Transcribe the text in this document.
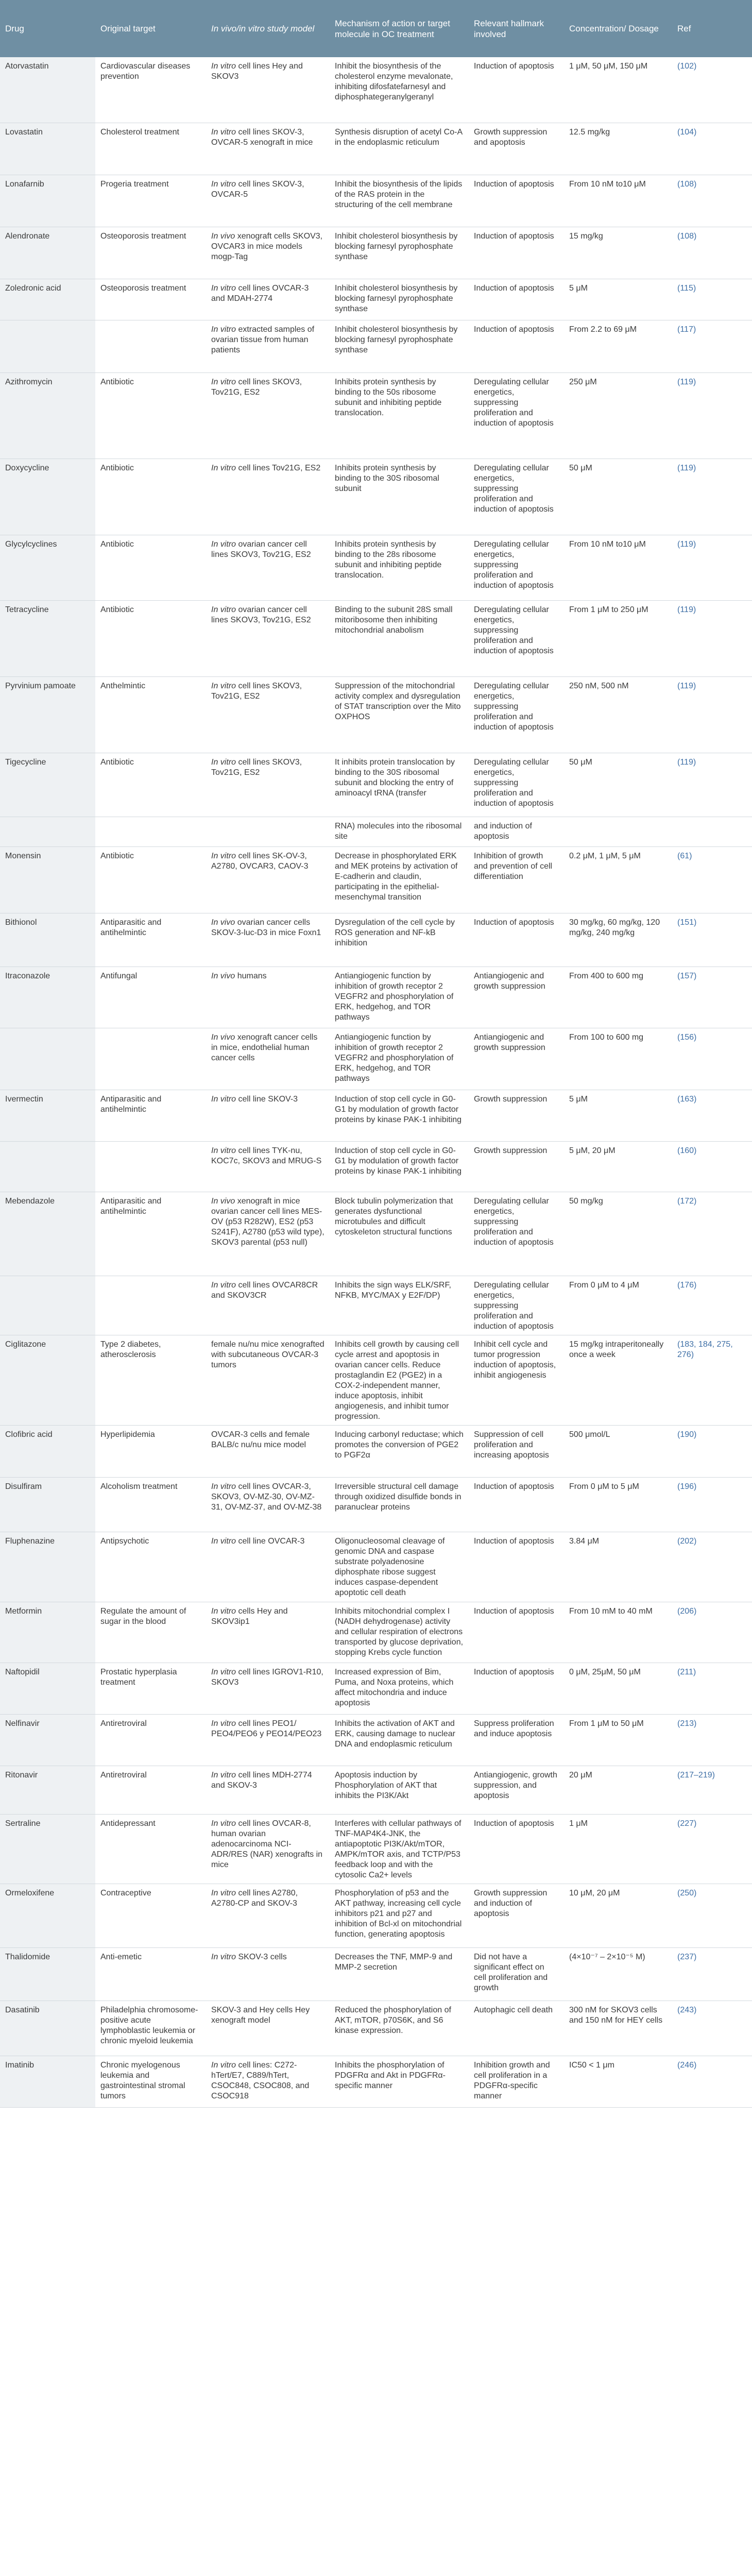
Drug	Original target	In vivo/in vitro study model	Mechanism of action or target molecule in OC treatment	Relevant hallmark involved	Concentration/ Dosage	Ref
Atorvastatin	Cardiovascular diseases prevention	In vitro cell lines Hey and SKOV3	Inhibit the biosynthesis of the cholesterol enzyme mevalonate, inhibiting difosfatefarnesyl and diphosphategeranylgeranyl	Induction of apoptosis	1 μM, 50 μM, 150 μM	(102)
Lovastatin	Cholesterol treatment	In vitro cell lines SKOV-3, OVCAR-5 xenograft in mice	Synthesis disruption of acetyl Co-A in the endoplasmic reticulum	Growth suppression and apoptosis	12.5 mg/kg	(104)
Lonafarnib	Progeria treatment	In vitro cell lines SKOV-3, OVCAR-5	Inhibit the biosynthesis of the lipids of the RAS protein in the structuring of the cell membrane	Induction of apoptosis	From 10 nM to10 μM	(108)
Alendronate	Osteoporosis treatment	In vivo xenograft cells SKOV3, OVCAR3 in mice models mogp-Tag	Inhibit cholesterol biosynthesis by blocking farnesyl pyrophosphate synthase	Induction of apoptosis	15 mg/kg	(108)
Zoledronic acid	Osteoporosis treatment	In vitro cell lines OVCAR-3 and MDAH-2774	Inhibit cholesterol biosynthesis by blocking farnesyl pyrophosphate synthase	Induction of apoptosis	5 μM	(115)
		In vitro extracted samples of ovarian tissue from human patients	Inhibit cholesterol biosynthesis by blocking farnesyl pyrophosphate synthase	Induction of apoptosis	From 2.2 to 69 μM	(117)
Azithromycin	Antibiotic	In vitro cell lines SKOV3, Tov21G, ES2	Inhibits protein synthesis by binding to the 50s ribosome subunit and inhibiting peptide translocation.	Deregulating cellular energetics, suppressing proliferation and induction of apoptosis	250 μM	(119)
Doxycycline	Antibiotic	In vitro cell lines Tov21G, ES2	Inhibits protein synthesis by binding to the 30S ribosomal subunit	Deregulating cellular energetics, suppressing proliferation and induction of apoptosis	50 μM	(119)
Glycylcyclines	Antibiotic	In vitro ovarian cancer cell lines SKOV3, Tov21G, ES2	Inhibits protein synthesis by binding to the 28s ribosome subunit and inhibiting peptide translocation.	Deregulating cellular energetics, suppressing proliferation and induction of apoptosis	From 10 nM to10 μM	(119)
Tetracycline	Antibiotic	In vitro ovarian cancer cell lines SKOV3, Tov21G, ES2	Binding to the subunit 28S small mitoribosome then inhibiting mitochondrial anabolism	Deregulating cellular energetics, suppressing proliferation and induction of apoptosis	From 1 μM to 250 μM	(119)
Pyrvinium pamoate	Anthelmintic	In vitro cell lines SKOV3, Tov21G, ES2	Suppression of the mitochondrial activity complex and dysregulation of STAT transcription over the Mito OXPHOS	Deregulating cellular energetics, suppressing proliferation and induction of apoptosis	250 nM, 500 nM	(119)
Tigecycline	Antibiotic	In vitro cell lines SKOV3, Tov21G, ES2	It inhibits protein translocation by binding to the 30S ribosomal subunit and blocking the entry of aminoacyl tRNA (transfer	Deregulating cellular energetics, suppressing proliferation and induction of apoptosis	50 μM	(119)
			RNA) molecules into the ribosomal site	and induction of apoptosis		
Monensin	Antibiotic	In vitro cell lines SK-OV-3, A2780, OVCAR3, CAOV-3	Decrease in phosphorylated ERK and MEK proteins by activation of E-cadherin and claudin, participating in the epithelial-mesenchymal transition	Inhibition of growth and prevention of cell differentiation	0.2 μM, 1 μM, 5 μM	(61)
Bithionol	Antiparasitic and antihelmintic	In vivo ovarian cancer cells SKOV-3-luc-D3 in mice Foxn1	Dysregulation of the cell cycle by ROS generation and NF-kB inhibition	Induction of apoptosis	30 mg/kg, 60 mg/kg, 120 mg/kg, 240 mg/kg	(151)
Itraconazole	Antifungal	In vivo humans	Antiangiogenic function by inhibition of growth receptor 2 VEGFR2 and phosphorylation of ERK, hedgehog, and TOR pathways	Antiangiogenic and growth suppression	From 400 to 600 mg	(157)
		In vivo xenograft cancer cells in mice, endothelial human cancer cells	Antiangiogenic function by inhibition of growth receptor 2 VEGFR2 and phosphorylation of ERK, hedgehog, and TOR pathways	Antiangiogenic and growth suppression	From 100 to 600 mg	(156)
Ivermectin	Antiparasitic and antihelmintic	In vitro cell line SKOV-3	Induction of stop cell cycle in G0-G1 by modulation of growth factor proteins by kinase PAK-1 inhibiting	Growth suppression	5 μM	(163)
		In vitro cell lines TYK-nu, KOC7c, SKOV3 and MRUG-S	Induction of stop cell cycle in G0-G1 by modulation of growth factor proteins by kinase PAK-1 inhibiting	Growth suppression	5 μM, 20 μM	(160)
Mebendazole	Antiparasitic and antihelmintic	In vivo xenograft in mice ovarian cancer cell lines MES-OV (p53 R282W), ES2 (p53 S241F), A2780 (p53 wild type), SKOV3 parental (p53 null)	Block tubulin polymerization that generates dysfunctional microtubules and difficult cytoskeleton structural functions	Deregulating cellular energetics, suppressing proliferation and induction of apoptosis	50 mg/kg	(172)
		In vitro cell lines OVCAR8CR and SKOV3CR	Inhibits the sign ways ELK/SRF, NFKB, MYC/MAX y E2F/DP)	Deregulating cellular energetics, suppressing proliferation and induction of apoptosis	From 0 μM to 4 μM	(176)
Ciglitazone	Type 2 diabetes, atherosclerosis	female nu/nu mice xenografted with subcutaneous OVCAR-3 tumors	Inhibits cell growth by causing cell cycle arrest and apoptosis in ovarian cancer cells. Reduce prostaglandin E2 (PGE2) in a COX-2-independent manner, induce apoptosis, inhibit angiogenesis, and inhibit tumor progression.	Inhibit cell cycle and tumor progression induction of apoptosis, inhibit angiogenesis	15 mg/kg intraperitoneally once a week	(183, 184, 275, 276)
Clofibric acid	Hyperlipidemia	OVCAR-3 cells and female BALB/c nu/nu mice model	Inducing carbonyl reductase; which promotes the conversion of PGE2 to PGF2α	Suppression of cell proliferation and increasing apoptosis	500 μmol/L	(190)
Disulfiram	Alcoholism treatment	In vitro cell lines OVCAR-3, SKOV3, OV-MZ-30, OV-MZ-31, OV-MZ-37, and OV-MZ-38	Irreversible structural cell damage through oxidized disulfide bonds in paranuclear proteins	Induction of apoptosis	From 0 μM to 5 μM	(196)
Fluphenazine	Antipsychotic	In vitro cell line OVCAR-3	Oligonucleosomal cleavage of genomic DNA and caspase substrate polyadenosine diphosphate ribose suggest induces caspase-dependent apoptotic cell death	Induction of apoptosis	3.84 μM	(202)
Metformin	Regulate the amount of sugar in the blood	In vitro cells Hey and SKOV3ip1	Inhibits mitochondrial complex I (NADH dehydrogenase) activity and cellular respiration of electrons transported by glucose deprivation, stopping Krebs cycle function	Induction of apoptosis	From 10 mM to 40 mM	(206)
Naftopidil	Prostatic hyperplasia treatment	In vitro cell lines IGROV1-R10, SKOV3	Increased expression of Bim, Puma, and Noxa proteins, which affect mitochondria and induce apoptosis	Induction of apoptosis	0 μM, 25μM, 50 μM	(211)
Nelfinavir	Antiretroviral	In vitro cell lines PEO1/ PEO4/PEO6 y PEO14/PEO23	Inhibits the activation of AKT and ERK, causing damage to nuclear DNA and endoplasmic reticulum	Suppress proliferation and induce apoptosis	From 1 μM to 50 μM	(213)
Ritonavir	Antiretroviral	In vitro cell lines MDH-2774 and SKOV-3	Apoptosis induction by Phosphorylation of AKT that inhibits the PI3K/Akt	Antiangiogenic, growth suppression, and apoptosis	20 μM	(217–219)
Sertraline	Antidepressant	In vitro cell lines OVCAR-8, human ovarian adenocarcinoma NCI-ADR/RES (NAR) xenografts in mice	Interferes with cellular pathways of TNF-MAP4K4-JNK, the antiapoptotic PI3K/Akt/mTOR, AMPK/mTOR axis, and TCTP/P53 feedback loop and with the cytosolic Ca2+ levels	Induction of apoptosis	1 μM	(227)
Ormeloxifene	Contraceptive	In vitro cell lines A2780, A2780-CP and SKOV-3	Phosphorylation of p53 and the AKT pathway, increasing cell cycle inhibitors p21 and p27 and inhibition of Bcl-xl on mitochondrial function, generating apoptosis	Growth suppression and induction of apoptosis	10 μM, 20 μM	(250)
Thalidomide	Anti-emetic	In vitro SKOV-3 cells	Decreases the TNF, MMP-9 and MMP-2 secretion	Did not have a significant effect on cell proliferation and growth	(4×10⁻⁷ – 2×10⁻⁵ M)	(237)
Dasatinib	Philadelphia chromosome-positive acute lymphoblastic leukemia or chronic myeloid leukemia	SKOV-3 and Hey cells Hey xenograft model	Reduced the phosphorylation of AKT, mTOR, p70S6K, and S6 kinase expression.	Autophagic cell death	300 nM for SKOV3 cells and 150 nM for HEY cells	(243)
Imatinib	Chronic myelogenous leukemia and gastrointestinal stromal tumors	In vitro cell lines: C272-hTert/E7, C889/hTert, CSOC848, CSOC808, and CSOC918	Inhibits the phosphorylation of PDGFRα and Akt in PDGFRα-specific manner	Inhibition growth and cell proliferation in a PDGFRα-specific manner	IC50 < 1 μm	(246)
